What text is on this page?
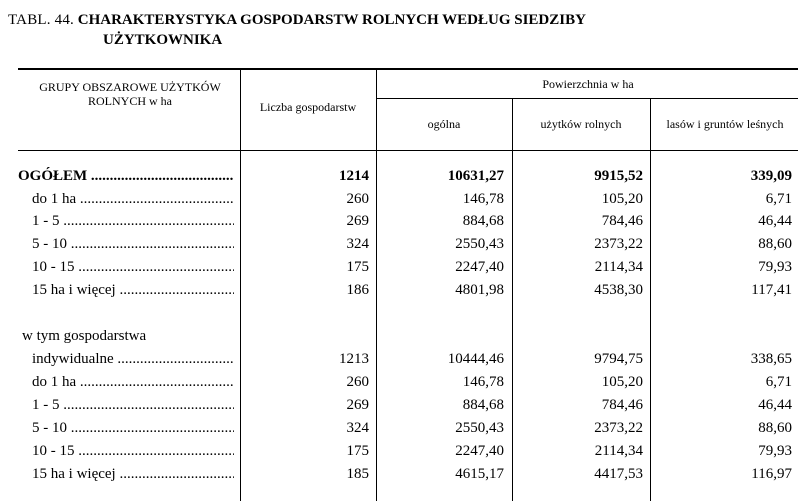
TABL. 44. CHARAKTERYSTYKA GOSPODARSTW ROLNYCH WEDŁUG SIEDZIBY
UŻYTKOWNIKA
GRUPY OBSZAROWE UŻYTKÓW ROLNYCH w ha	Liczba gospodarstw
Powierzchnia w ha
ogólna	użytków rolnych	lasów i gruntów leśnych
OGÓŁEM .....	1214	10631,27	9915,52	339,09
do 1 ha .....	260	146,78	105,20	6,71
1 - 5 .....	269	884,68	784,46	46,44
5 - 10 .....	324	2550,43	2373,22	88,60
10 - 15 .....	175	2247,40	2114,34	79,93
15 ha i więcej .....	186	4801,98	4538,30	117,41
w tym gospodarstwa
indywidualne .....	1213	10444,46	9794,75	338,65
do 1 ha .....	260	146,78	105,20	6,71
1 - 5 .....	269	884,68	784,46	46,44
5 - 10 .....	324	2550,43	2373,22	88,60
10 - 15 .....	175	2247,40	2114,34	79,93
15 ha i więcej .....	185	4615,17	4417,53	116,97
